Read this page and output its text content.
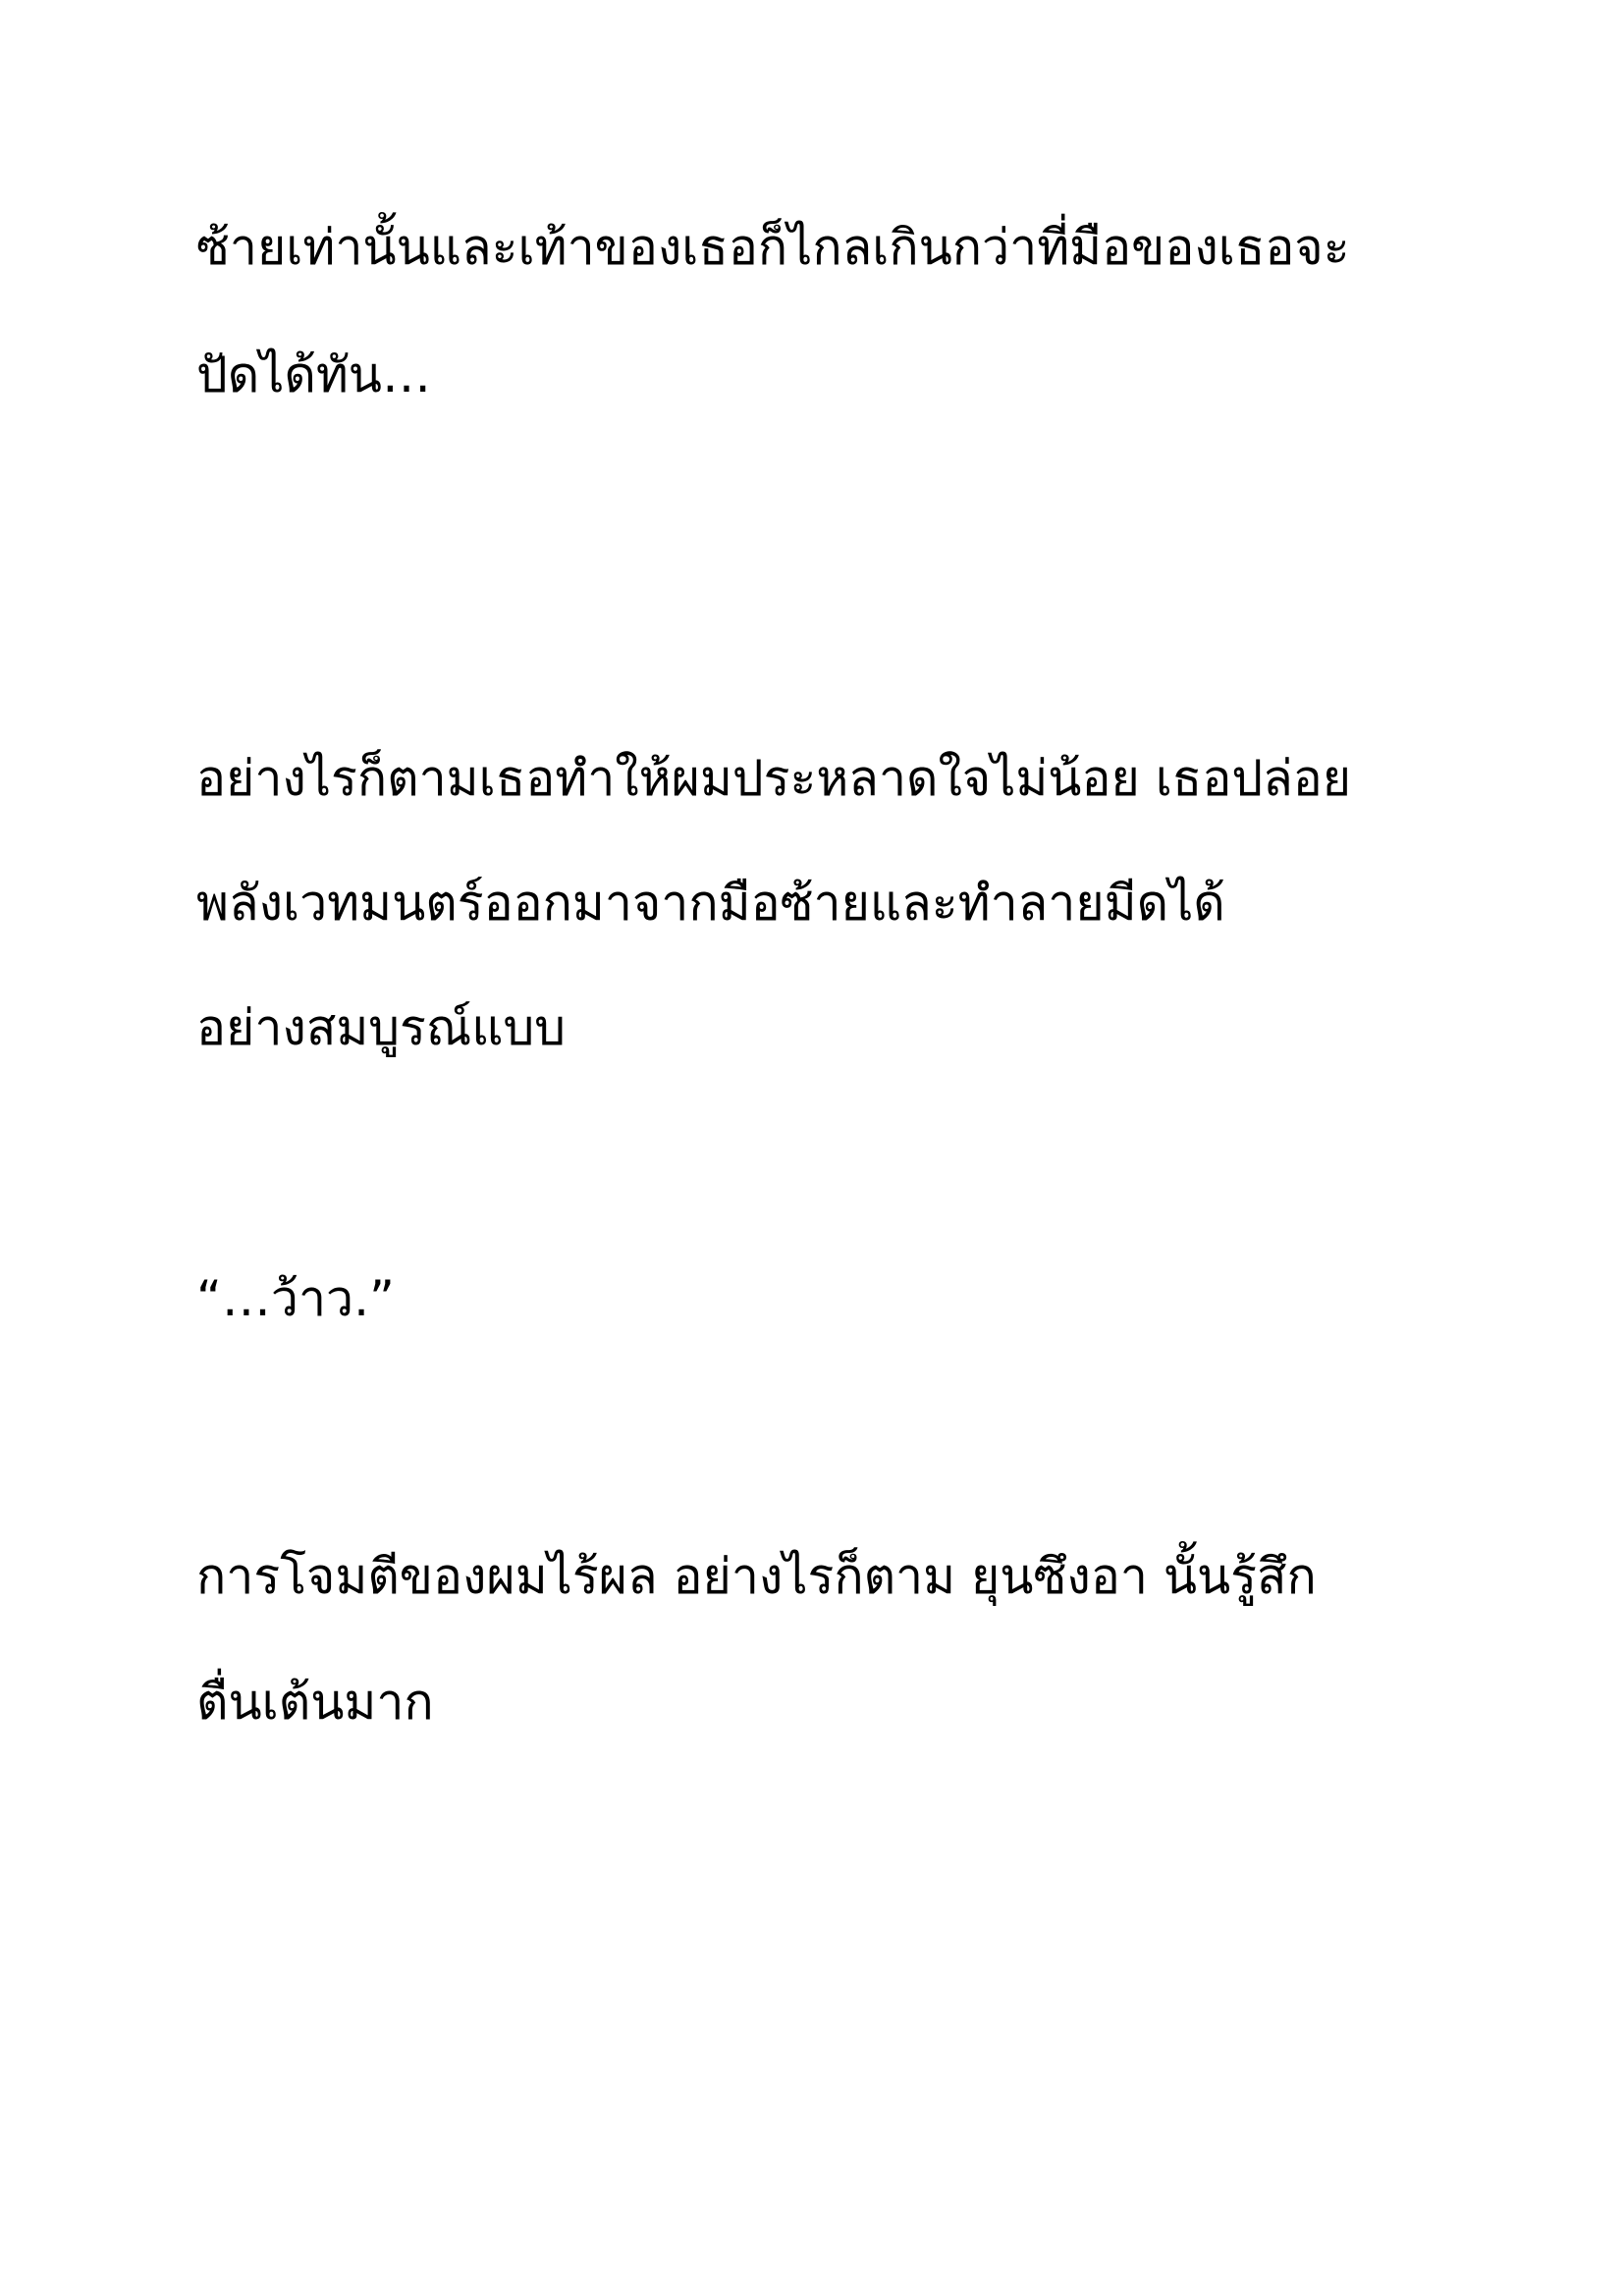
ซ้ายเท่านั้นและเท้าของเธอก็ไกลเกินกว่าที่มือของเธอจะ

ปัดได้ทัน…

อย่างไรก็ตามเธอทำให้ผมประหลาดใจไม่น้อย เธอปล่อย

พลังเวทมนตร์ออกมาจากมือซ้ายและทำลายมีดได้

อย่างสมบูรณ์แบบ

“…ว้าว.”

การโจมตีของผมไร้ผล อย่างไรก็ตาม ยุนซึงอา นั้นรู้สึก

ตื่นเต้นมาก
